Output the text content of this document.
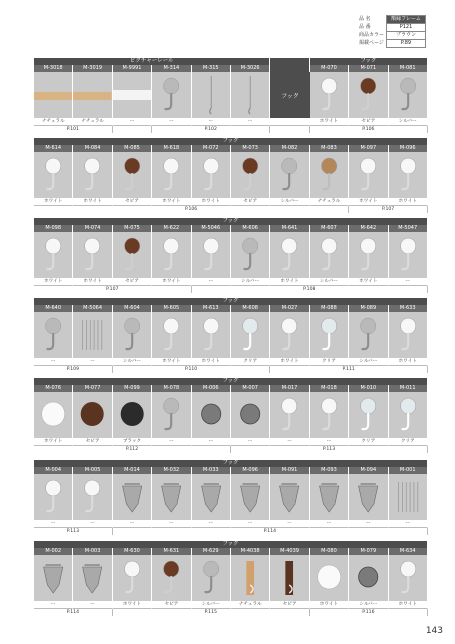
品 名	額縁フレーム
品 番	P121
商品カラー	ブラウン
掲載ページ	P.89
ピクチャーレール	フック
M-3018	M-3019	M-9991	M-314	M-315	M-3026	M-070	M-071	M-081
フック
ナチュラル	ナチュラル	ー	ー	ー	ー	ホワイト	セピア	シルバー
P.101	P.102	P.106
フック
M-614	M-084	M-085	M-618	M-072	M-073	M-082	M-083	M-097	M-096
ホワイト	ホワイト	セピア	ホワイト	ホワイト	セピア	シルバー	ナチュラル	ホワイト	ホワイト
P.106	P.107
フック
M-098	M-074	M-075	M-622	M-5046	M-606	M-641	M-607	M-642	M-5047
ホワイト	ホワイト	セピア	ホワイト	ー	シルバー	ホワイト	シルバー	ホワイト	ー
P.107	P.108
フック
M-640	M-5064	M-604	M-605	M-613	M-608	M-027	M-088	M-089	M-633
ー	ー	シルバー	ホワイト	ホワイト	クリア	ホワイト	クリア	シルバー	ホワイト
P.109	P.110	P.111
フック
M-076	M-077	M-099	M-078	M-006	M-007	M-017	M-018	M-010	M-011
ホワイト	セピア	ブラック	ー	ー	ー	ー	ー	クリア	クリア
P.112	P.113
フック
M-004	M-005	M-014	M-032	M-033	M-096	M-091	M-093	M-094	M-001
ー	ー	ー	ー	ー	ー	ー	ー	ー	ー
P.113	P.114
フック
M-002	M-003	M-630	M-631	M-629	M-4038	M-4039	M-080	M-079	M-634
ー	ー	ホワイト	セピア	シルバー	ナチュラル	セピア	ホワイト	シルバー	ホワイト
P.114	P.115	P.116
143
